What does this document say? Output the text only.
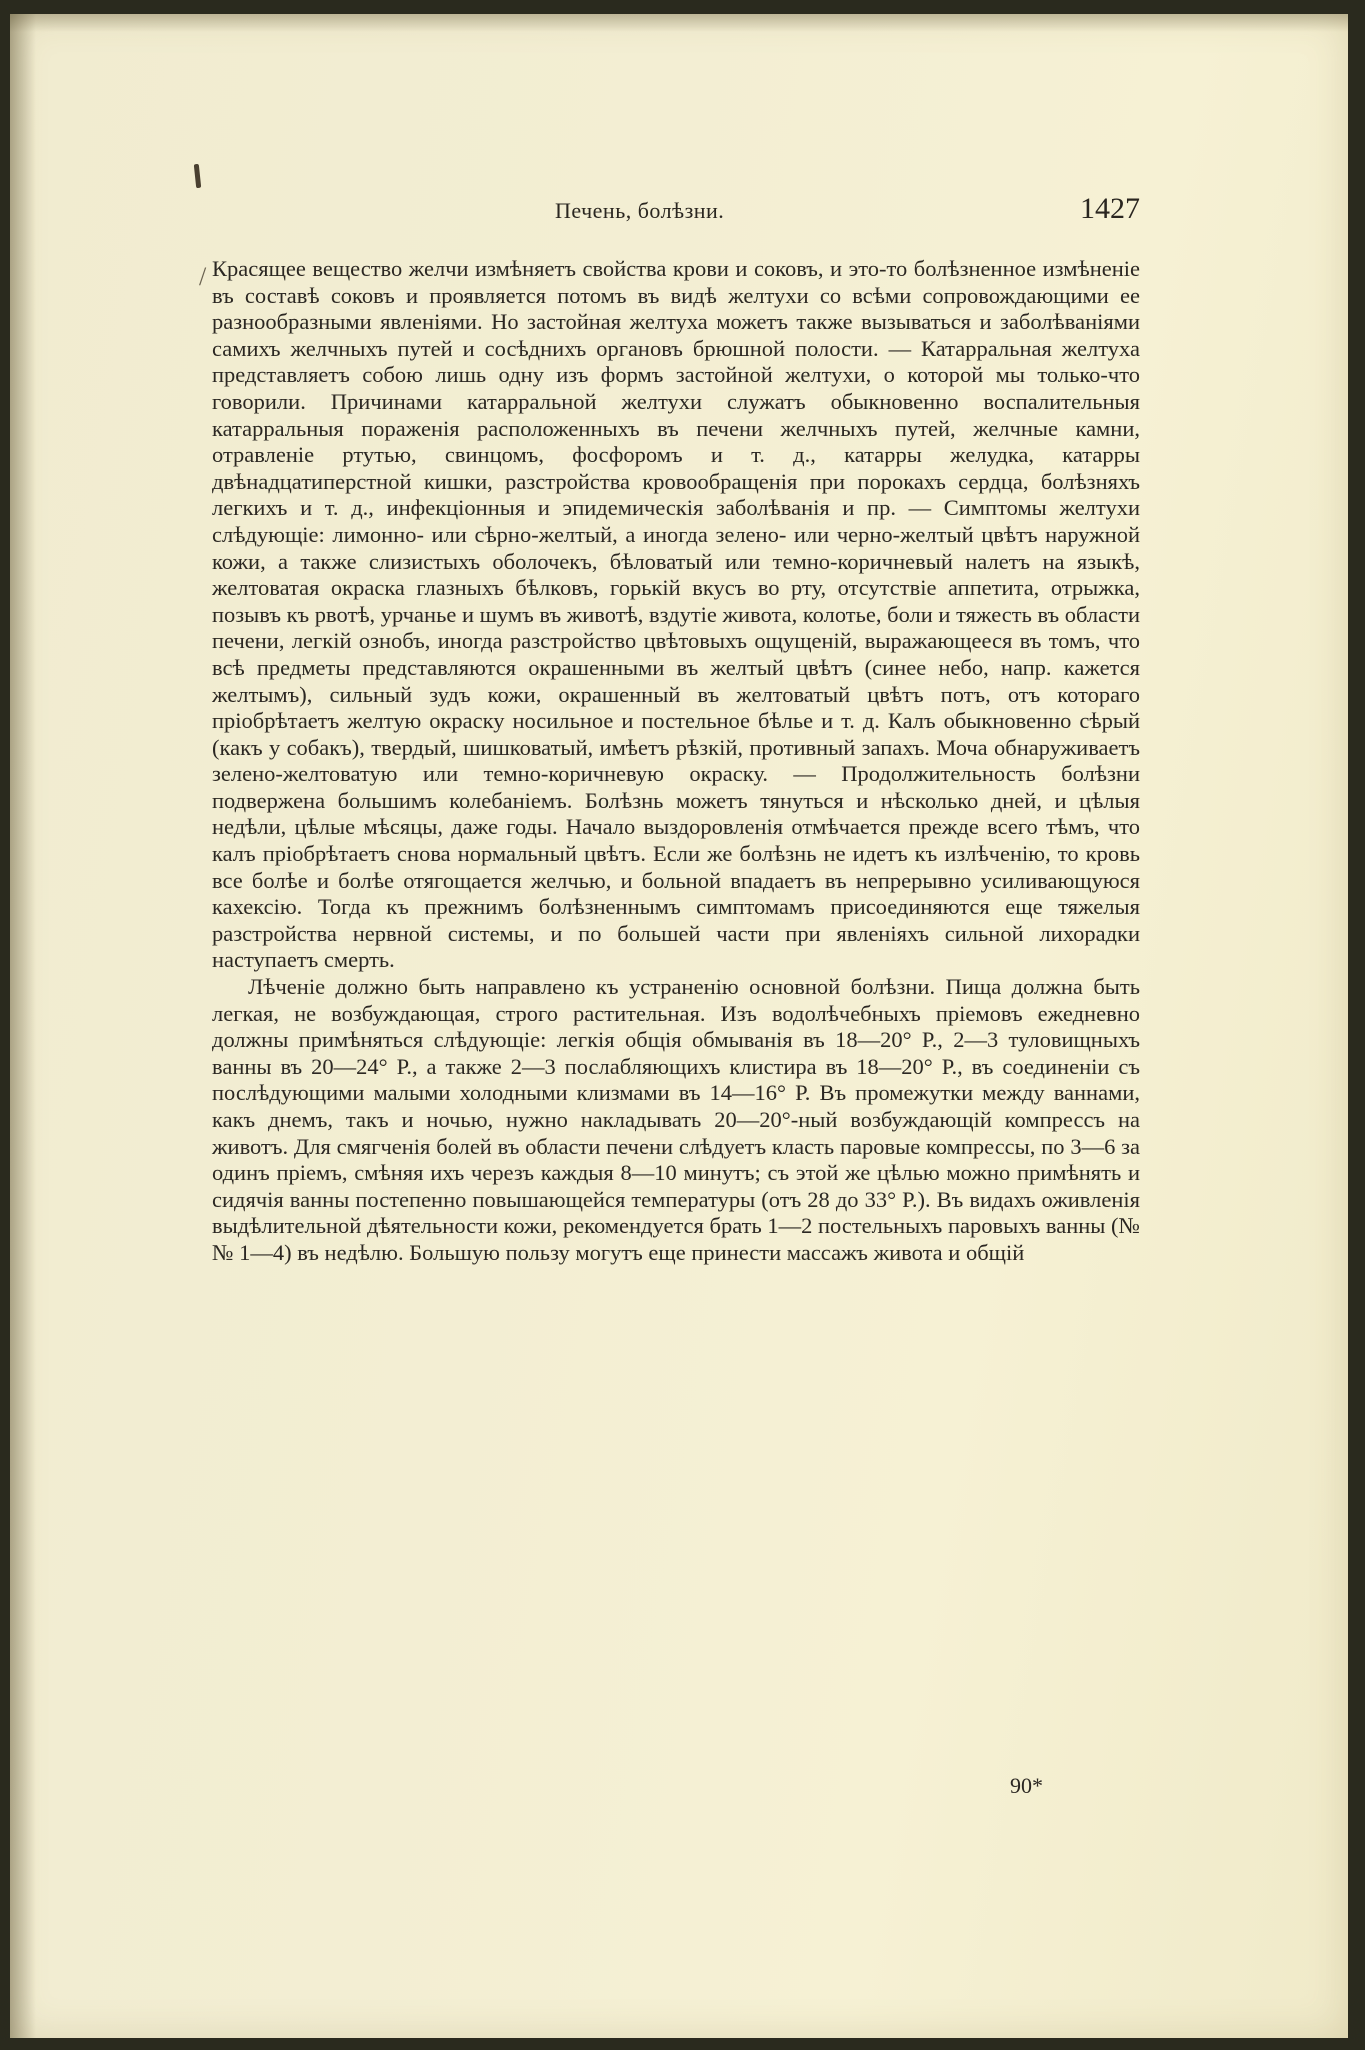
Печень, болѣзни.	1427
/ Красящее вещество желчи измѣняетъ свойства крови и соковъ, и это-то болѣзненное измѣненіе въ составѣ соковъ и проявляется потомъ въ видѣ желтухи со всѣми сопровождающими ее разнообразными явленіями. Но застойная желтуха можетъ также вызываться и заболѣваніями самихъ желчныхъ путей и сосѣднихъ органовъ брюшной полости. — Катарральная желтуха представляетъ собою лишь одну изъ формъ застойной желтухи, о которой мы только-что говорили. Причинами катарральной желтухи служатъ обыкновенно воспалительныя катарральныя пораженія расположенныхъ въ печени желчныхъ путей, желчные камни, отравленіе ртутью, свинцомъ, фосфоромъ и т. д., катарры желудка, катарры двѣнадцатиперстной кишки, разстройства кровообращенія при порокахъ сердца, болѣзняхъ легкихъ и т. д., инфекціонныя и эпидемическія заболѣванія и пр. — Симптомы желтухи слѣдующіе: лимонно- или сѣрно-желтый, а иногда зелено- или черно-желтый цвѣтъ наружной кожи, а также слизистыхъ оболочекъ, бѣловатый или темно-коричневый налетъ на языкѣ, желтоватая окраска глазныхъ бѣлковъ, горькій вкусъ во рту, отсутствіе аппетита, отрыжка, позывъ къ рвотѣ, урчанье и шумъ въ животѣ, вздутіе живота, колотье, боли и тяжесть въ области печени, легкій ознобъ, иногда разстройство цвѣтовыхъ ощущеній, выражающееся въ томъ, что всѣ предметы представляются окрашенными въ желтый цвѣтъ (синее небо, напр. кажется желтымъ), сильный зудъ кожи, окрашенный въ желтоватый цвѣтъ потъ, отъ котораго пріобрѣтаетъ желтую окраску носильное и постельное бѣлье и т. д. Калъ обыкновенно сѣрый (какъ у собакъ), твердый, шишковатый, имѣетъ рѣзкій, противный запахъ. Моча обнаруживаетъ зелено-желтоватую или темно-коричневую окраску. — Продолжительность болѣзни подвержена большимъ колебаніемъ. Болѣзнь можетъ тянуться и нѣсколько дней, и цѣлыя недѣли, цѣлые мѣсяцы, даже годы. Начало выздоровленія отмѣчается прежде всего тѣмъ, что калъ пріобрѣтаетъ снова нормальный цвѣтъ. Если же болѣзнь не идетъ къ излѣченію, то кровь все болѣе и болѣе отягощается желчью, и больной впадаетъ въ непрерывно усиливающуюся кахексію. Тогда къ прежнимъ болѣзненнымъ симптомамъ присоединяются еще тяжелыя разстройства нервной системы, и по большей части при явленіяхъ сильной лихорадки наступаетъ смерть.

Лѣченіе должно быть направлено къ устраненію основной болѣзни. Пища должна быть легкая, не возбуждающая, строго растительная. Изъ водолѣчебныхъ пріемовъ ежедневно должны примѣняться слѣдующіе: легкія общія обмыванія въ 18—20° Р., 2—3 туловищныхъ ванны въ 20—24° Р., а также 2—3 послабляющихъ клистира въ 18—20° Р., въ соединеніи съ послѣдующими малыми холодными клизмами въ 14—16° Р. Въ промежутки между ваннами, какъ днемъ, такъ и ночью, нужно накладывать 20—20°-ный возбуждающій компрессъ на животъ. Для смягченія болей въ области печени слѣдуетъ класть паровые компрессы, по 3—6 за одинъ пріемъ, смѣняя ихъ черезъ каждыя 8—10 минутъ; съ этой же цѣлью можно примѣнять и сидячія ванны постепенно повышающейся температуры (отъ 28 до 33° Р.). Въ видахъ оживленія выдѣлительной дѣятельности кожи, рекомендуется брать 1—2 постельныхъ паровыхъ ванны (№№ 1—4) въ недѣлю. Большую пользу могутъ еще принести массажъ живота и общій

90*
